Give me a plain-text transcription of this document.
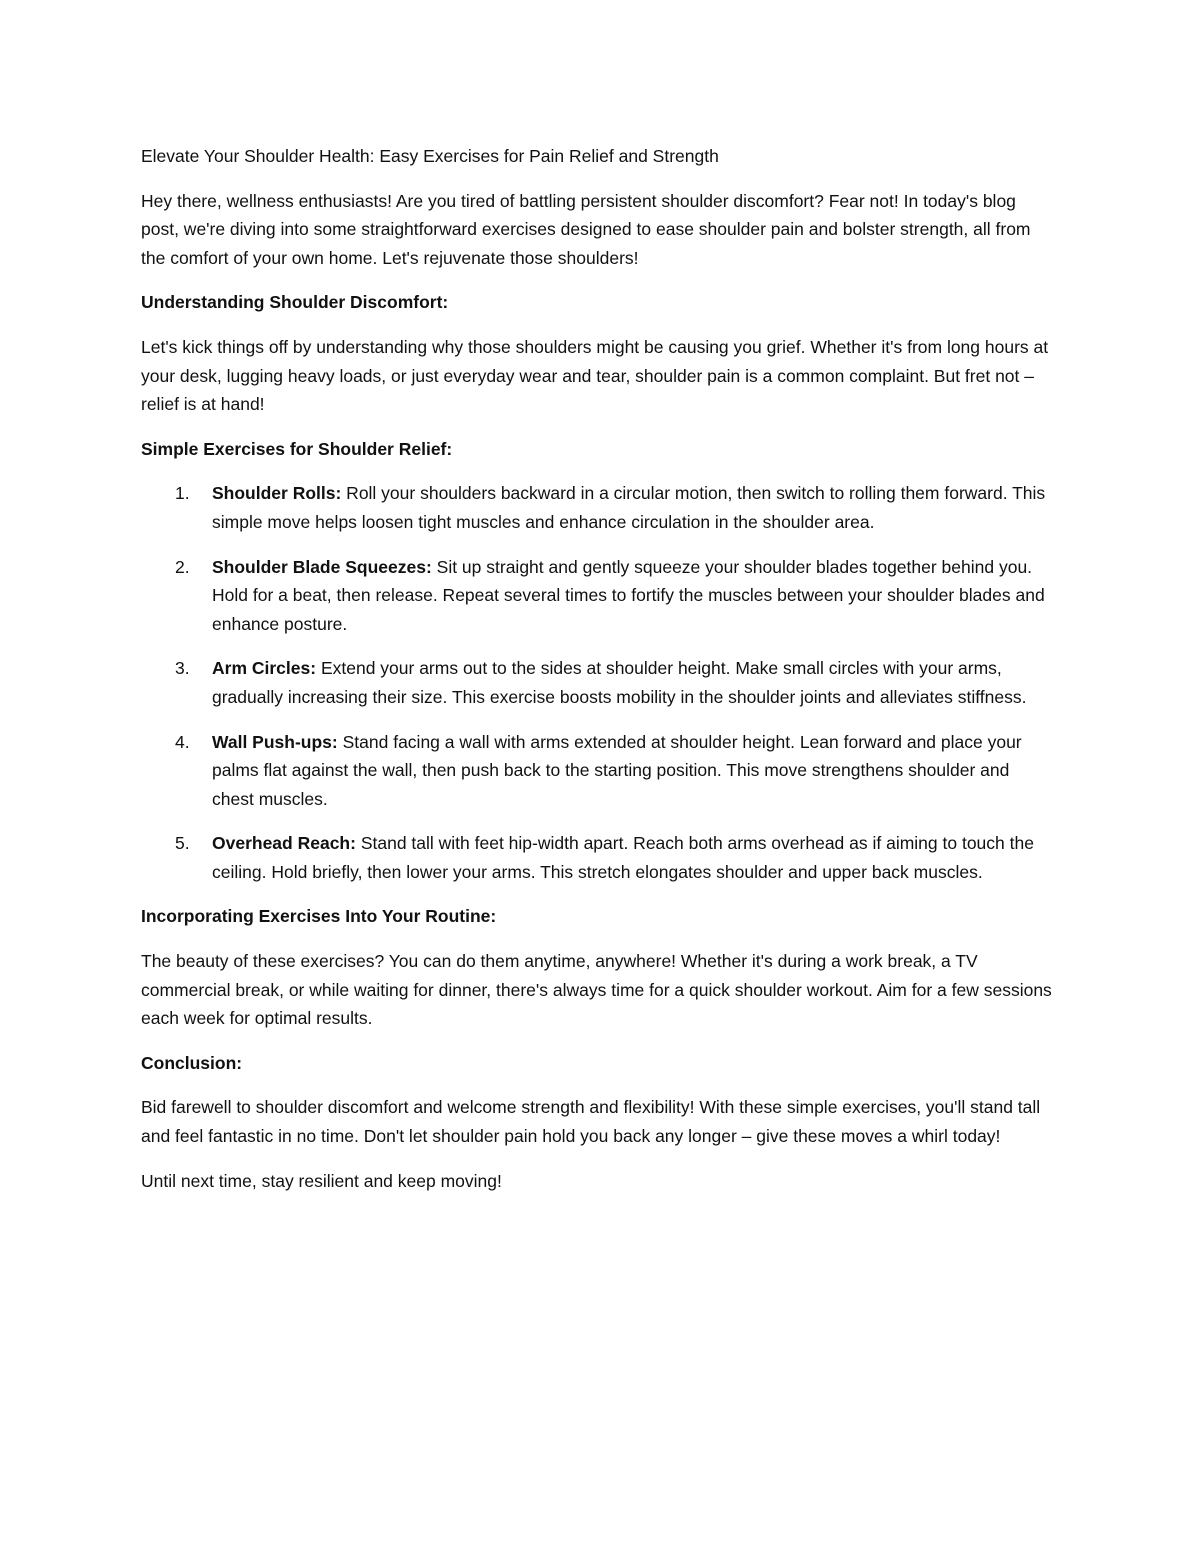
Elevate Your Shoulder Health: Easy Exercises for Pain Relief and Strength

Hey there, wellness enthusiasts! Are you tired of battling persistent shoulder discomfort? Fear not! In today's blog post, we're diving into some straightforward exercises designed to ease shoulder pain and bolster strength, all from the comfort of your own home. Let's rejuvenate those shoulders!

Understanding Shoulder Discomfort:

Let's kick things off by understanding why those shoulders might be causing you grief. Whether it's from long hours at your desk, lugging heavy loads, or just everyday wear and tear, shoulder pain is a common complaint. But fret not – relief is at hand!

Simple Exercises for Shoulder Relief:
1. Shoulder Rolls: Roll your shoulders backward in a circular motion, then switch to rolling them forward. This simple move helps loosen tight muscles and enhance circulation in the shoulder area.
2. Shoulder Blade Squeezes: Sit up straight and gently squeeze your shoulder blades together behind you. Hold for a beat, then release. Repeat several times to fortify the muscles between your shoulder blades and enhance posture.
3. Arm Circles: Extend your arms out to the sides at shoulder height. Make small circles with your arms, gradually increasing their size. This exercise boosts mobility in the shoulder joints and alleviates stiffness.
4. Wall Push-ups: Stand facing a wall with arms extended at shoulder height. Lean forward and place your palms flat against the wall, then push back to the starting position. This move strengthens shoulder and chest muscles.
5. Overhead Reach: Stand tall with feet hip-width apart. Reach both arms overhead as if aiming to touch the ceiling. Hold briefly, then lower your arms. This stretch elongates shoulder and upper back muscles.
Incorporating Exercises Into Your Routine:

The beauty of these exercises? You can do them anytime, anywhere! Whether it's during a work break, a TV commercial break, or while waiting for dinner, there's always time for a quick shoulder workout. Aim for a few sessions each week for optimal results.

Conclusion:

Bid farewell to shoulder discomfort and welcome strength and flexibility! With these simple exercises, you'll stand tall and feel fantastic in no time. Don't let shoulder pain hold you back any longer – give these moves a whirl today!

Until next time, stay resilient and keep moving!
